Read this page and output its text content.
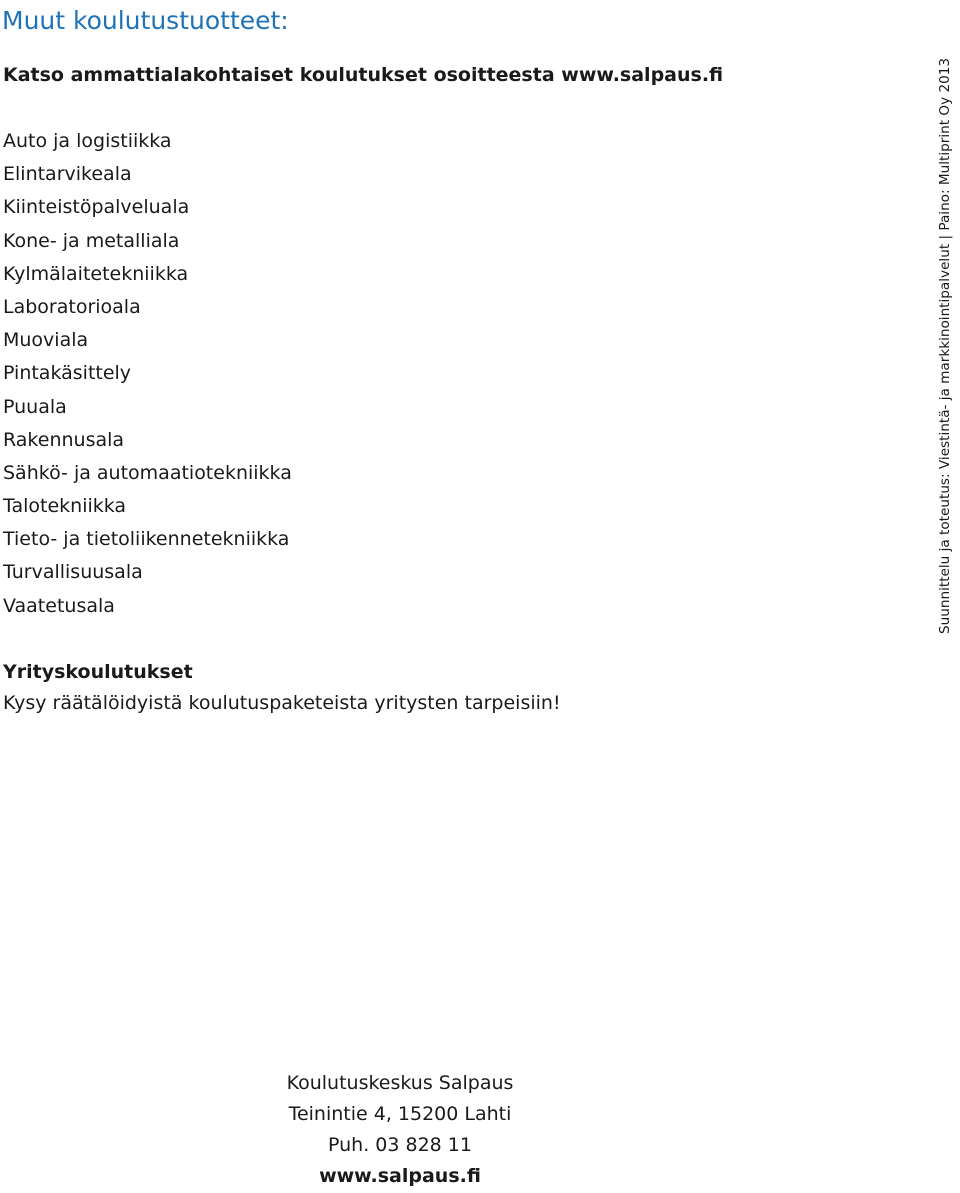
Muut koulutustuotteet:

Katso ammattialakohtaiset koulutukset osoitteesta www.salpaus.fi

Auto ja logistiikka
Elintarvikeala
Kiinteistöpalveluala
Kone- ja metalliala
Kylmälaitetekniikka
Laboratorioala
Muoviala
Pintakäsittely
Puuala
Rakennusala
Sähkö- ja automaatiotekniikka
Talotekniikka
Tieto- ja tietoliikennetekniikka
Turvallisuusala
Vaatetusala

Yrityskoulutukset

Kysy räätälöidyistä koulutuspaketeista yritysten tarpeisiin!

Suunnittelu ja toteutus: Viestintä- ja markkinointipalvelut | Paino: Multiprint Oy 2013
Koulutuskeskus Salpaus
Teinintie 4, 15200 Lahti
Puh. 03 828 11
www.salpaus.fi
